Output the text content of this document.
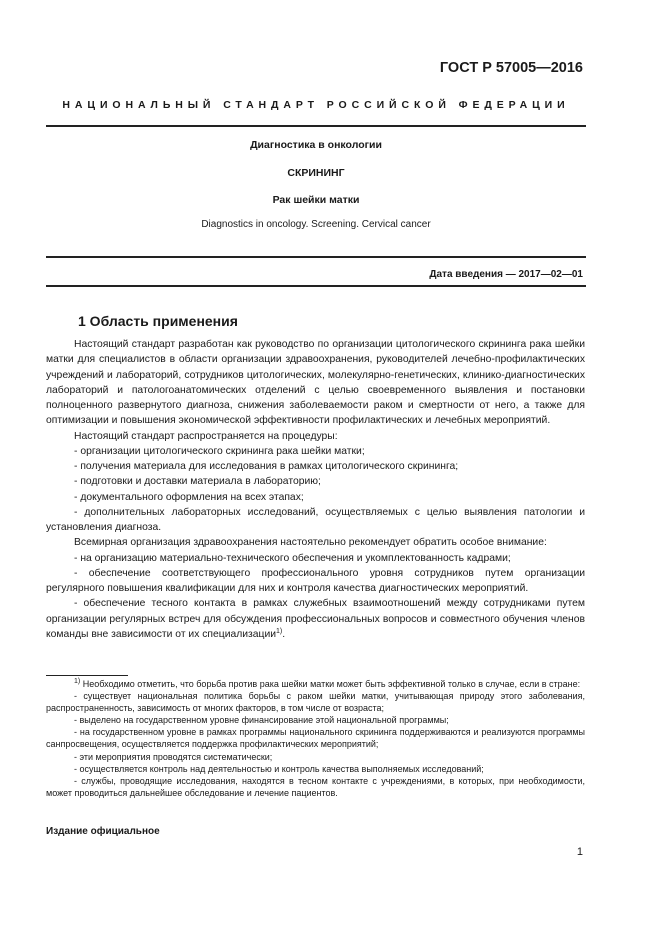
ГОСТ Р 57005—2016
НАЦИОНАЛЬНЫЙ СТАНДАРТ РОССИЙСКОЙ ФЕДЕРАЦИИ
Диагностика в онкологии
СКРИНИНГ
Рак шейки матки
Diagnostics in oncology. Screening. Cervical cancer
Дата введения — 2017—02—01
1 Область применения

Настоящий стандарт разработан как руководство по организации цитологического скрининга рака шейки матки для специалистов в области организации здравоохранения, руководителей лечебно-профилактических учреждений и лабораторий, сотрудников цитологических, молекулярно-генетических, клинико-диагностических лабораторий и патологоанатомических отделений с целью своевременного выявления и постановки полноценного развернутого диагноза, снижения заболеваемости раком и смертности от него, а также для оптимизации и повышения экономической эффективности профилактических и лечебных мероприятий.

Настоящий стандарт распространяется на процедуры:

- организации цитологического скрининга рака шейки матки;

- получения материала для исследования в рамках цитологического скрининга;

- подготовки и доставки материала в лабораторию;

- документального оформления на всех этапах;

- дополнительных лабораторных исследований, осуществляемых с целью выявления патологии и установления диагноза.

Всемирная организация здравоохранения настоятельно рекомендует обратить особое внимание:

- на организацию материально-технического обеспечения и укомплектованность кадрами;

- обеспечение соответствующего профессионального уровня сотрудников путем организации регулярного повышения квалификации для них и контроля качества диагностических мероприятий.

- обеспечение тесного контакта в рамках служебных взаимоотношений между сотрудниками путем организации регулярных встреч для обсуждения профессиональных вопросов и совместного обучения членов команды вне зависимости от их специализации$^{1)}$.

$^{1)}$ Необходимо отметить, что борьба против рака шейки матки может быть эффективной только в случае, если в стране:

- существует национальная политика борьбы с раком шейки матки, учитывающая природу этого заболевания, распространенность, зависимость от многих факторов, в том числе от возраста;

- выделено на государственном уровне финансирование этой национальной программы;

- на государственном уровне в рамках программы национального скрининга поддерживаются и реализуются программы санпросвещения, осуществляется поддержка профилактических мероприятий;

- эти мероприятия проводятся систематически;

- осуществляется контроль над деятельностью и контроль качества выполняемых исследований;

- службы, проводящие исследования, находятся в тесном контакте с учреждениями, в которых, при необходимости, может проводиться дальнейшее обследование и лечение пациентов.

Издание официальное
1
